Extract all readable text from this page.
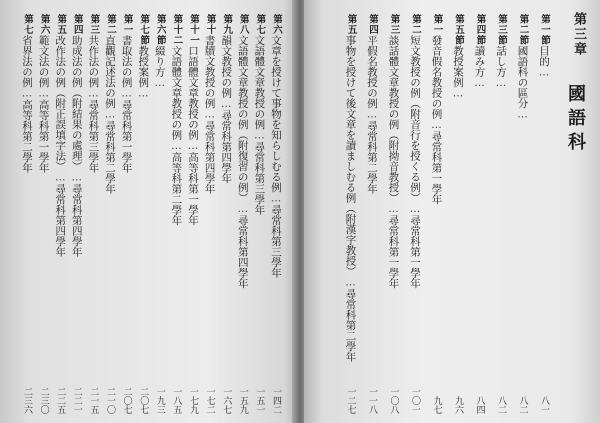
第六文章を授けて事物を知らしむる例…尋常科第三學年
一四二
第七文語體文章教授の例…尋常科第三學年
一五一
第八文語體文章教授の例（附復習の例）…尋常科第四學年
一五九
第九韻文教授の例…尋常科第四學年
一六七
第十書牘文教授の例…尋常科第四學年
一七二
第十一口語體文章教授の例…高等科第一學年
一七九
第十二文語體文章教授の例…高等科第二學年
一八五
第六節綴り方…
一九三
第七節教授案例…
二〇七
第一書取法の例…尋常科第一學年
二〇七
第二直觀記述法の例…尋常科第二學年
二一〇
第三共作法の例…尋常科第三學年
二一五
第四助成法の例（附結果の處理）…尋常科第四學年
二二一
第五改作法の例（附正誤填字法）…尋常科第四學年
二二五
第六範文法の例…高等科第一學年
二三〇
第七省界法の例…高等科第二學年
二三六
第三章
國語科
第一節目的…
八一
第二節國語科の區分…
八二
第三節話し方…
八二
第四節讀み方…
八四
第五節教授案例…
九六
第一發音假名教授の例…尋常科第一學年
九七
第二短文教授の例（附音行を授くる例）…尋常科第一學年
一〇一
第三談話體文章教授の例（附拗音教授）…尋常科第一學年
一〇八
第四平假名教授の例…尋常科第二學年
一一八
第五事物を授けて後文章を讀ましむる例（附漢字教授）…尋常科第二學年
一二七
